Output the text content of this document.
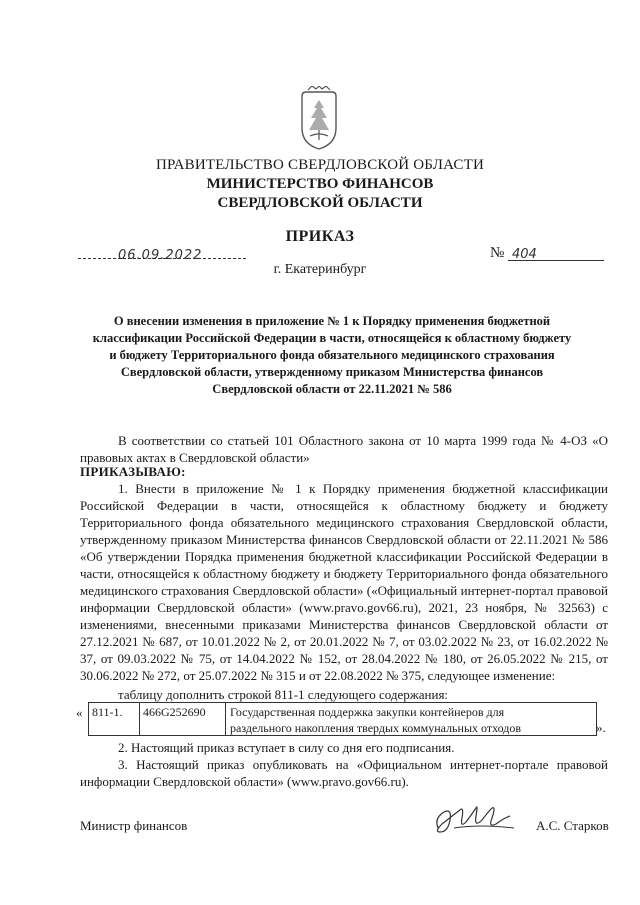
ПРАВИТЕЛЬСТВО СВЕРДЛОВСКОЙ ОБЛАСТИ
МИНИСТЕРСТВО ФИНАНСОВ
СВЕРДЛОВСКОЙ ОБЛАСТИ
ПРИКАЗ
06.09.2022	№ 404
г. Екатеринбург
О внесении изменения в приложение № 1 к Порядку применения бюджетной классификации Российской Федерации в части, относящейся к областному бюджету и бюджету Территориального фонда обязательного медицинского страхования Свердловской области, утвержденному приказом Министерства финансов Свердловской области от 22.11.2021 № 586
В соответствии со статьей 101 Областного закона от 10 марта 1999 года № 4-ОЗ «О правовых актах в Свердловской области»
ПРИКАЗЫВАЮ:
1. Внести в приложение № 1 к Порядку применения бюджетной классификации Российской Федерации в части, относящейся к областному бюджету и бюджету Территориального фонда обязательного медицинского страхования Свердловской области, утвержденному приказом Министерства финансов Свердловской области от 22.11.2021 № 586 «Об утверждении Порядка применения бюджетной классификации Российской Федерации в части, относящейся к областному бюджету и бюджету Территориального фонда обязательного медицинского страхования Свердловской области» («Официальный интернет-портал правовой информации Свердловской области» (www.pravo.gov66.ru), 2021, 23 ноября, № 32563) с изменениями, внесенными приказами Министерства финансов Свердловской области от 27.12.2021 № 687, от 10.01.2022 № 2, от 20.01.2022 № 7, от 03.02.2022 № 23, от 16.02.2022 № 37, от 09.03.2022 № 75, от 14.04.2022 № 152, от 28.04.2022 № 180, от 26.05.2022 № 215, от 30.06.2022 № 272, от 25.07.2022 № 315 и от 22.08.2022 № 375, следующее изменение:
таблицу дополнить строкой 811-1 следующего содержания:
« 811-1.	466G252690	Государственная поддержка закупки контейнеров для
раздельного накопления твердых коммунальных отходов	».
2. Настоящий приказ вступает в силу со дня его подписания.
3. Настоящий приказ опубликовать на «Официальном интернет-портале правовой информации Свердловской области» (www.pravo.gov66.ru).
Министр финансов	А.С. Старков
